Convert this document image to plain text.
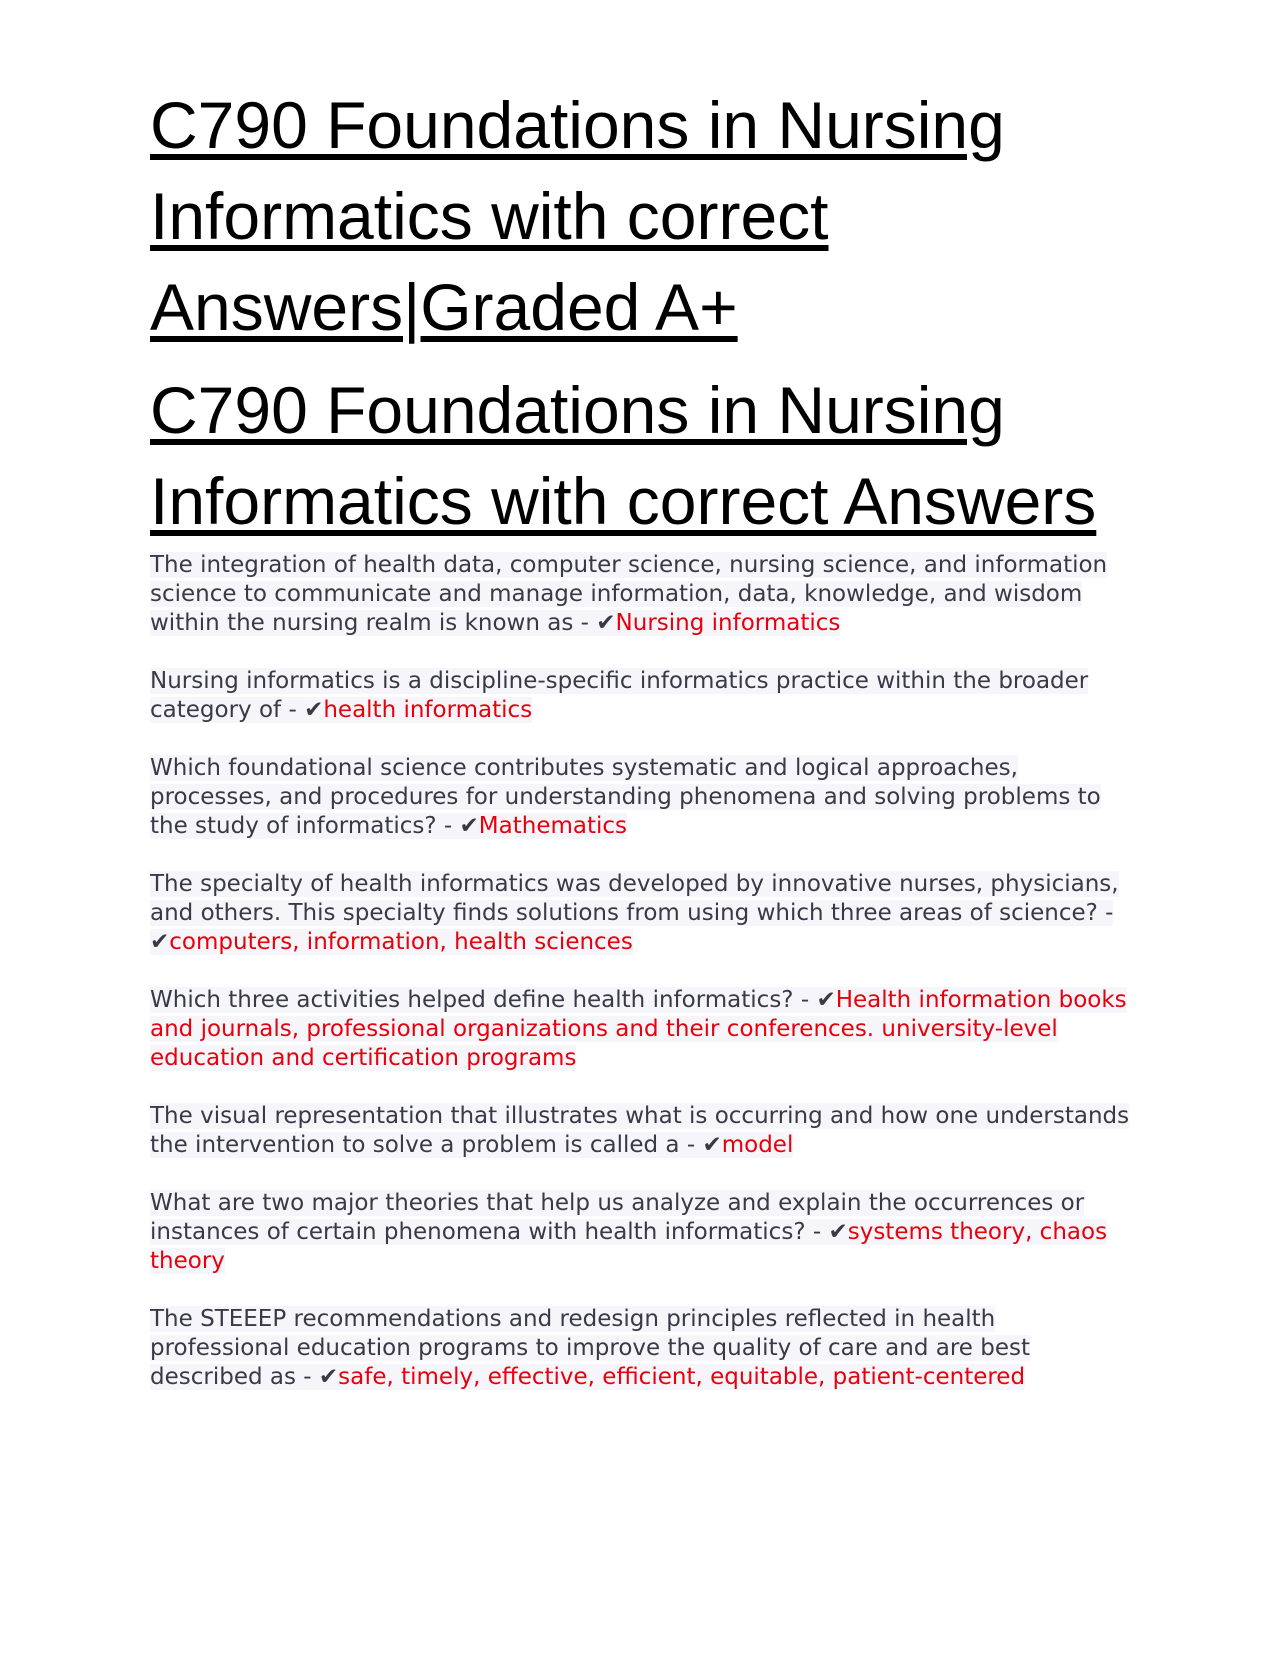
C790 Foundations in Nursing Informatics with correct Answers|Graded A+
C790 Foundations in Nursing Informatics with correct Answers

The integration of health data, computer science, nursing science, and information science to communicate and manage information, data, knowledge, and wisdom within the nursing realm is known as - ✔Nursing informatics

Nursing informatics is a discipline-specific informatics practice within the broader category of - ✔health informatics

Which foundational science contributes systematic and logical approaches, processes, and procedures for understanding phenomena and solving problems to the study of informatics? - ✔Mathematics

The specialty of health informatics was developed by innovative nurses, physicians, and others. This specialty finds solutions from using which three areas of science? -
✔computers, information, health sciences

Which three activities helped define health informatics? - ✔Health information books and journals, professional organizations and their conferences. university-level education and certification programs

The visual representation that illustrates what is occurring and how one understands the intervention to solve a problem is called a - ✔model

What are two major theories that help us analyze and explain the occurrences or instances of certain phenomena with health informatics? - ✔systems theory, chaos theory

The STEEEP recommendations and redesign principles reflected in health professional education programs to improve the quality of care and are best described as - ✔safe, timely, effective, efficient, equitable, patient-centered
